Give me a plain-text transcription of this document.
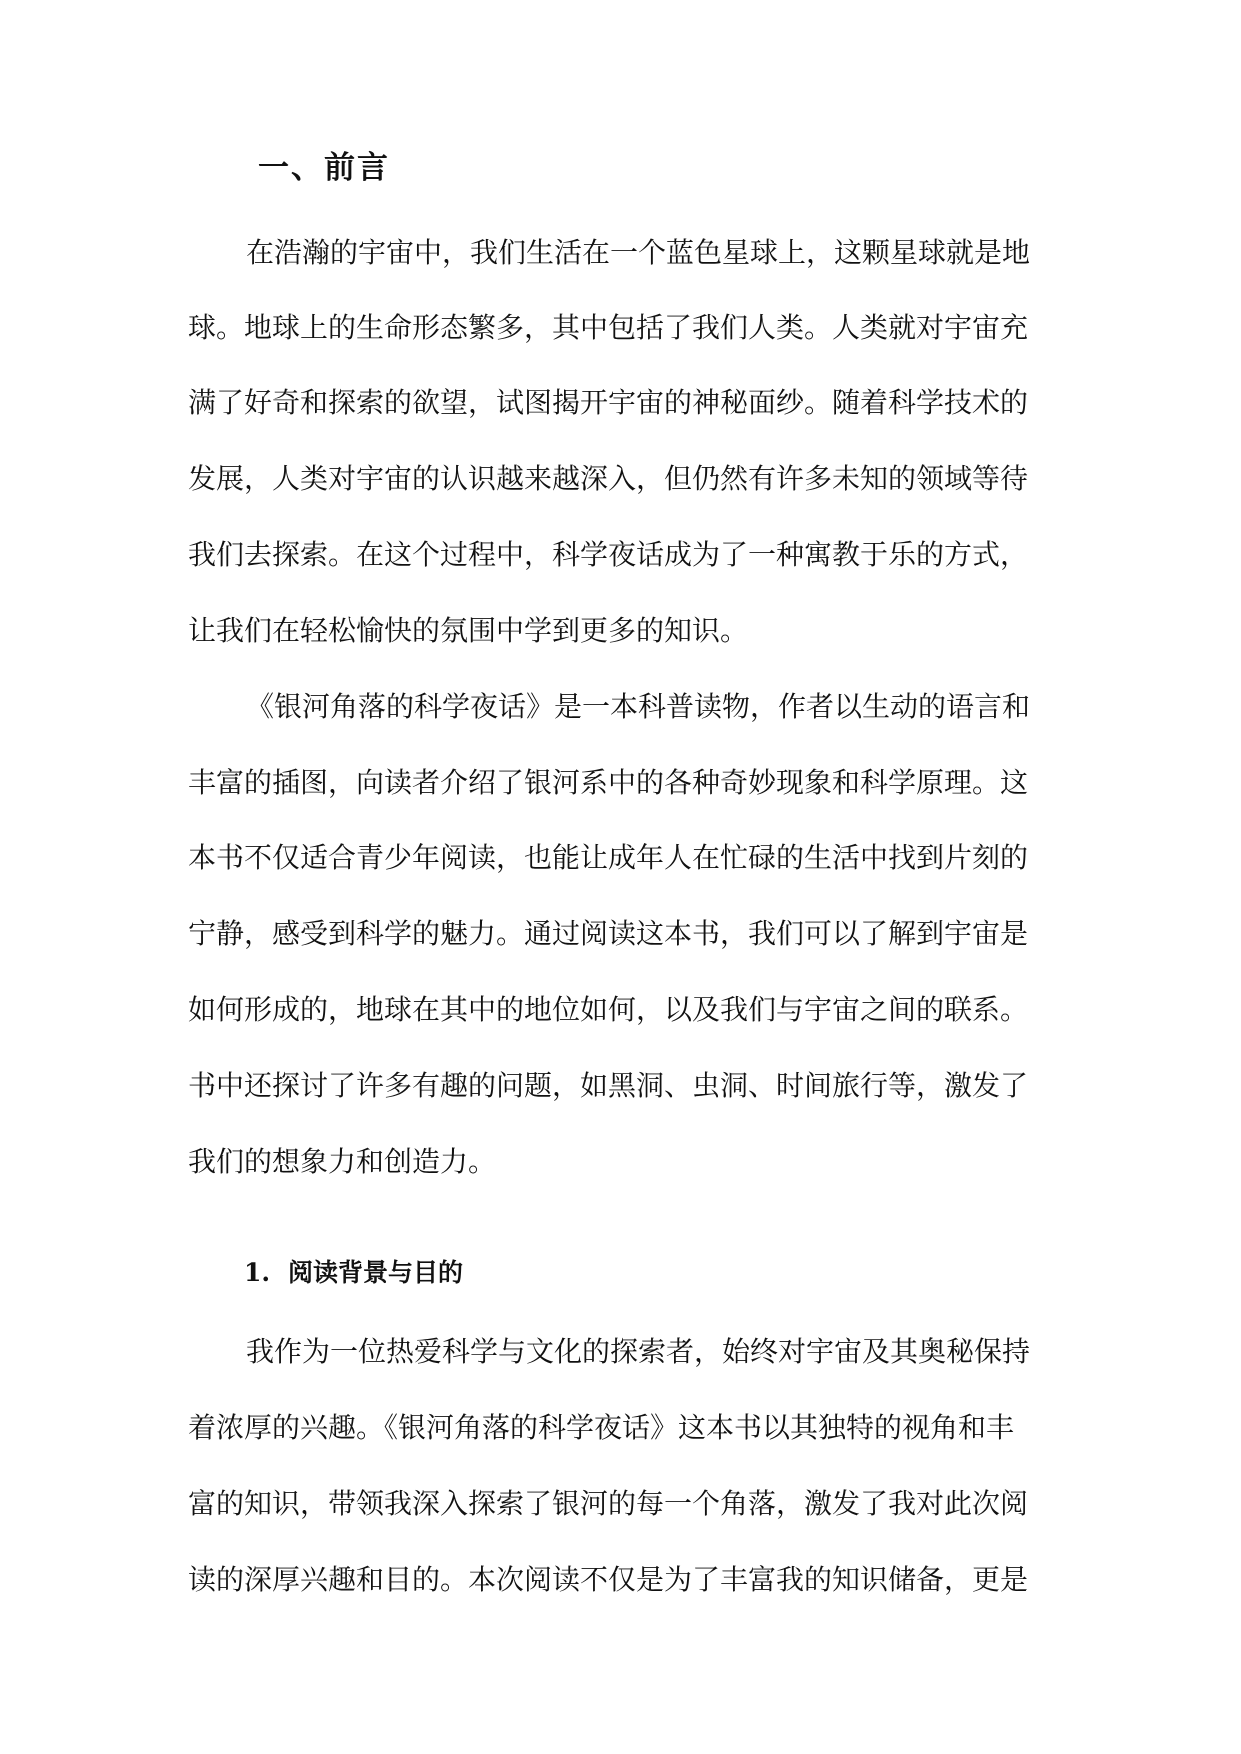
一、前言
在浩瀚的宇宙中，我们生活在一个蓝色星球上，这颗星球就是地
球。地球上的生命形态繁多，其中包括了我们人类。人类就对宇宙充
满了好奇和探索的欲望，试图揭开宇宙的神秘面纱。随着科学技术的
发展，人类对宇宙的认识越来越深入，但仍然有许多未知的领域等待
我们去探索。在这个过程中，科学夜话成为了一种寓教于乐的方式，
让我们在轻松愉快的氛围中学到更多的知识。
《银河角落的科学夜话》是一本科普读物，作者以生动的语言和
丰富的插图，向读者介绍了银河系中的各种奇妙现象和科学原理。这
本书不仅适合青少年阅读，也能让成年人在忙碌的生活中找到片刻的
宁静，感受到科学的魅力。通过阅读这本书，我们可以了解到宇宙是
如何形成的，地球在其中的地位如何，以及我们与宇宙之间的联系。
书中还探讨了许多有趣的问题，如黑洞、虫洞、时间旅行等，激发了
我们的想象力和创造力。
1. 阅读背景与目的
我作为一位热爱科学与文化的探索者，始终对宇宙及其奥秘保持
着浓厚的兴趣。《银河角落的科学夜话》这本书以其独特的视角和丰
富的知识，带领我深入探索了银河的每一个角落，激发了我对此次阅
读的深厚兴趣和目的。本次阅读不仅是为了丰富我的知识储备，更是
